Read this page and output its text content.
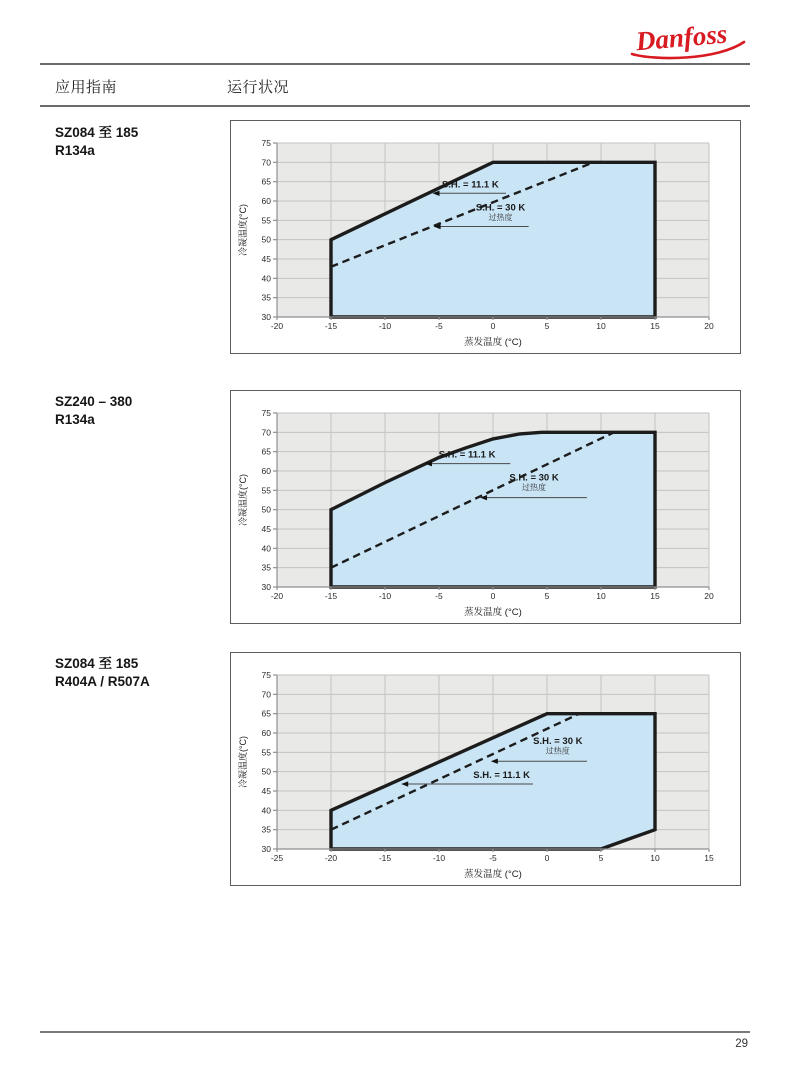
Danfoss
应用指南	运行状况
SZ084 至 185
R134a
SZ240 – 380
R134a
SZ084 至 185
R404A / R507A
-20	-15	-10	-5	0	5	10	15	20
30
35
40
45
50
55
60
65
70
75
蒸发温度 (°C)
冷凝温度(°C)
S.H. = 11.1 K
S.H. = 30 K
过热度
-20	-15	-10	-5	0	5	10	15	20
30
35
40
45
50
55
60
65
70
75
蒸发温度 (°C)
冷凝温度(°C)
S.H. = 11.1 K
S.H. = 30 K
过热度
-25	-20	-15	-10	-5	0	5	10	15
30
35
40
45
50
55
60
65
70
75
蒸发温度 (°C)
冷凝温度(°C)	S.H. = 30 K
过热度
S.H. = 11.1 K
29
